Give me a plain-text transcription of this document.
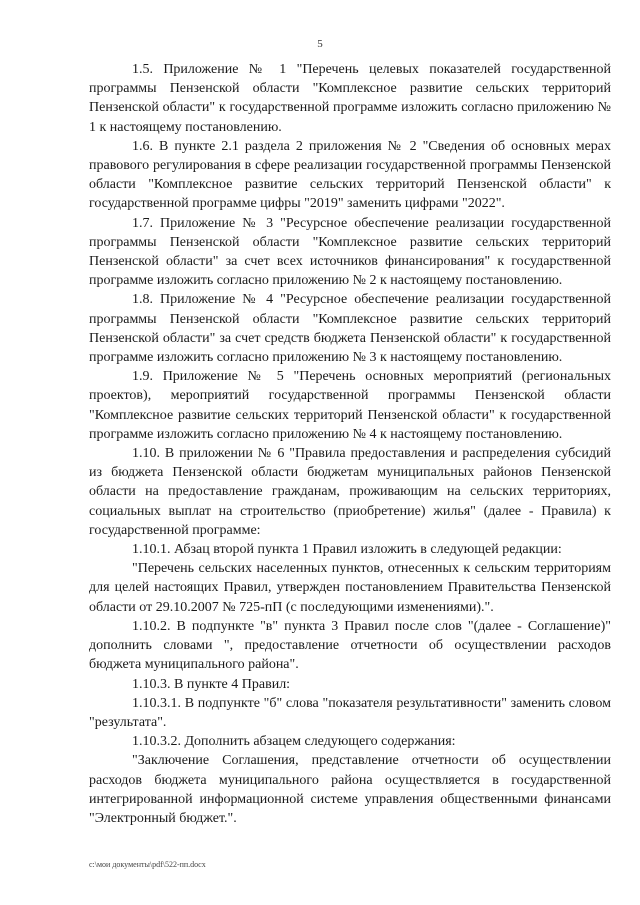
5

1.5. Приложение № 1 "Перечень целевых показателей государственной программы Пензенской области "Комплексное развитие сельских территорий Пензенской области" к государственной программе изложить согласно приложению № 1 к настоящему постановлению.

1.6. В пункте 2.1 раздела 2 приложения № 2 "Сведения об основных мерах правового регулирования в сфере реализации государственной программы Пензенской области "Комплексное развитие сельских территорий Пензенской области" к государственной программе цифры "2019" заменить цифрами "2022".

1.7. Приложение № 3 "Ресурсное обеспечение реализации государственной программы Пензенской области "Комплексное развитие сельских территорий Пензенской области" за счет всех источников финансирования" к государственной программе изложить согласно приложению № 2 к настоящему постановлению.

1.8. Приложение № 4 "Ресурсное обеспечение реализации государственной программы Пензенской области "Комплексное развитие сельских территорий Пензенской области" за счет средств бюджета Пензенской области" к государственной программе изложить согласно приложению № 3 к настоящему постановлению.

1.9. Приложение № 5 "Перечень основных мероприятий (региональных проектов), мероприятий государственной программы Пензенской области "Комплексное развитие сельских территорий Пензенской области" к государственной программе изложить согласно приложению № 4 к настоящему постановлению.

1.10. В приложении № 6 "Правила предоставления и распределения субсидий из бюджета Пензенской области бюджетам муниципальных районов Пензенской области на предоставление гражданам, проживающим на сельских территориях, социальных выплат на строительство (приобретение) жилья" (далее - Правила) к государственной программе:

1.10.1. Абзац второй пункта 1 Правил изложить в следующей редакции:

"Перечень сельских населенных пунктов, отнесенных к сельским территориям для целей настоящих Правил, утвержден постановлением Правительства Пензенской области от 29.10.2007 № 725-пП (с последующими изменениями).".

1.10.2. В подпункте "в" пункта 3 Правил после слов "(далее - Соглашение)" дополнить словами ", предоставление отчетности об осуществлении расходов бюджета муниципального района".

1.10.3. В пункте 4 Правил:

1.10.3.1. В подпункте "б" слова "показателя результативности" заменить словом "результата".

1.10.3.2. Дополнить абзацем следующего содержания:

"Заключение Соглашения, представление отчетности об осуществлении расходов бюджета муниципального района осуществляется в государственной интегрированной информационной системе управления общественными финансами "Электронный бюджет.".

c:\мои документы\pdf\522-пп.docx
